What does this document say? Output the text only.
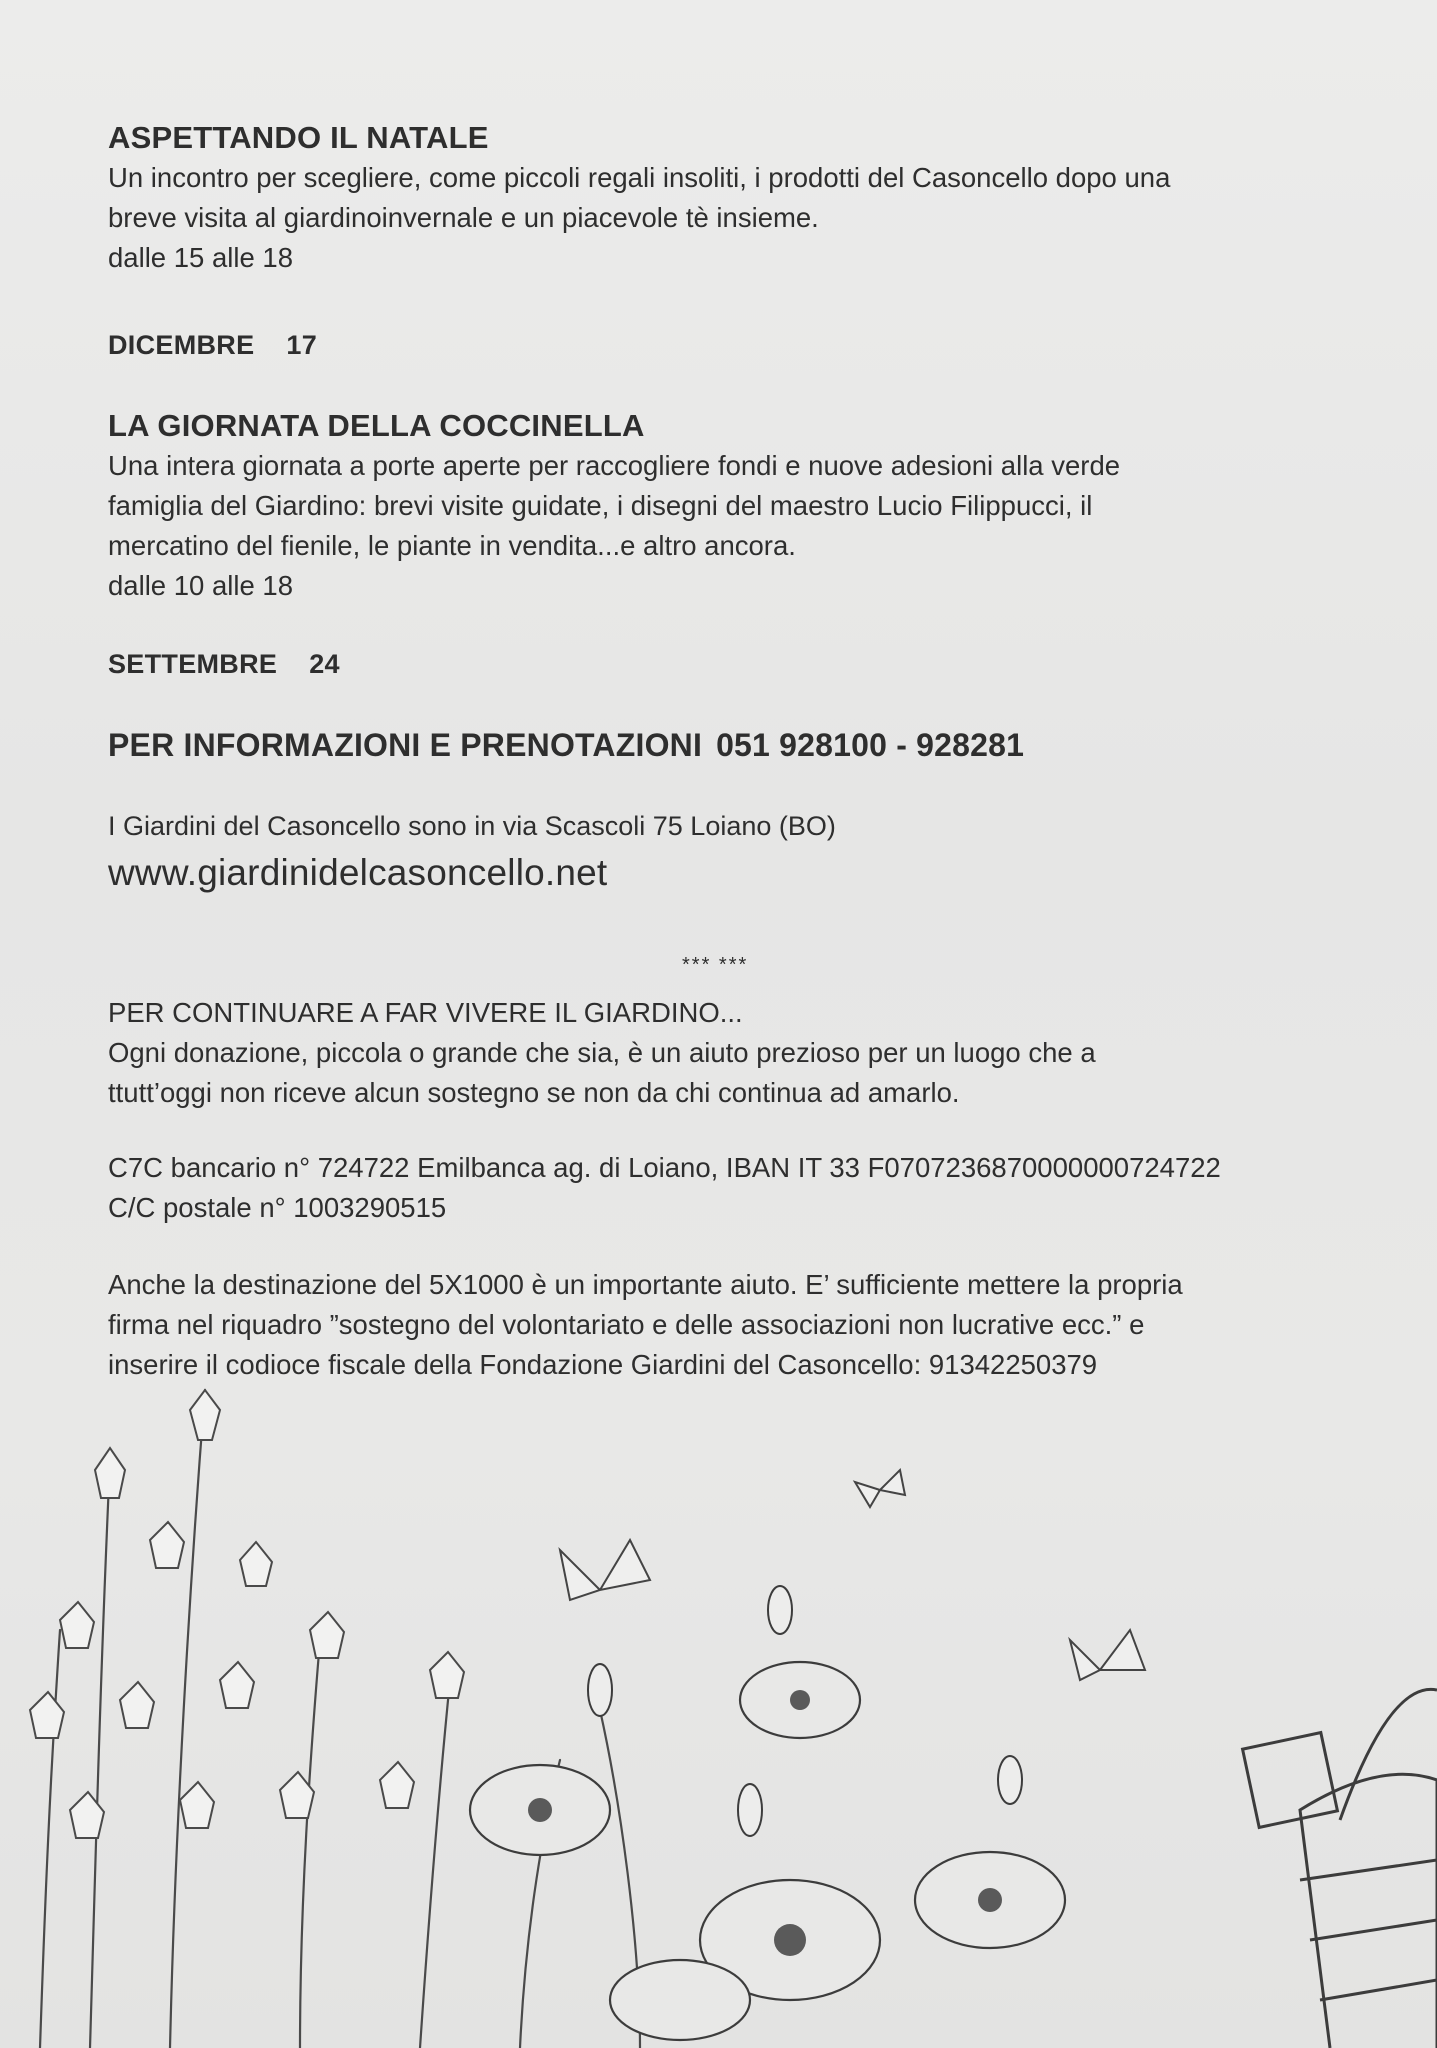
ASPETTANDO IL NATALE

Un incontro per scegliere, come piccoli regali insoliti, i prodotti del Casoncello dopo una

breve visita al giardinoinvernale e un piacevole tè insieme.

dalle 15 alle 18

DICEMBRE 17

LA GIORNATA DELLA COCCINELLA

Una intera giornata a porte aperte per raccogliere fondi e nuove adesioni alla verde

famiglia del Giardino: brevi visite guidate, i disegni del maestro Lucio Filippucci, il

mercatino del fienile, le piante in vendita...e altro ancora.

dalle 10 alle 18

SETTEMBRE 24
PER INFORMAZIONI E PRENOTAZIONI 051 928100 - 928281
I Giardini del Casoncello sono in via Scascoli 75 Loiano (BO)
www.giardinidelcasoncello.net
*** ***

PER CONTINUARE A FAR VIVERE IL GIARDINO...

Ogni donazione, piccola o grande che sia, è un aiuto prezioso per un luogo che a

ttutt’oggi non riceve alcun sostegno se non da chi continua ad amarlo.

C7C bancario n° 724722 Emilbanca ag. di Loiano, IBAN IT 33 F0707236870000000724722

C/C postale n° 1003290515

Anche la destinazione del 5X1000 è un importante aiuto. E’ sufficiente mettere la propria

firma nel riquadro ”sostegno del volontariato e delle associazioni non lucrative ecc.” e

inserire il codioce fiscale della Fondazione Giardini del Casoncello: 91342250379
